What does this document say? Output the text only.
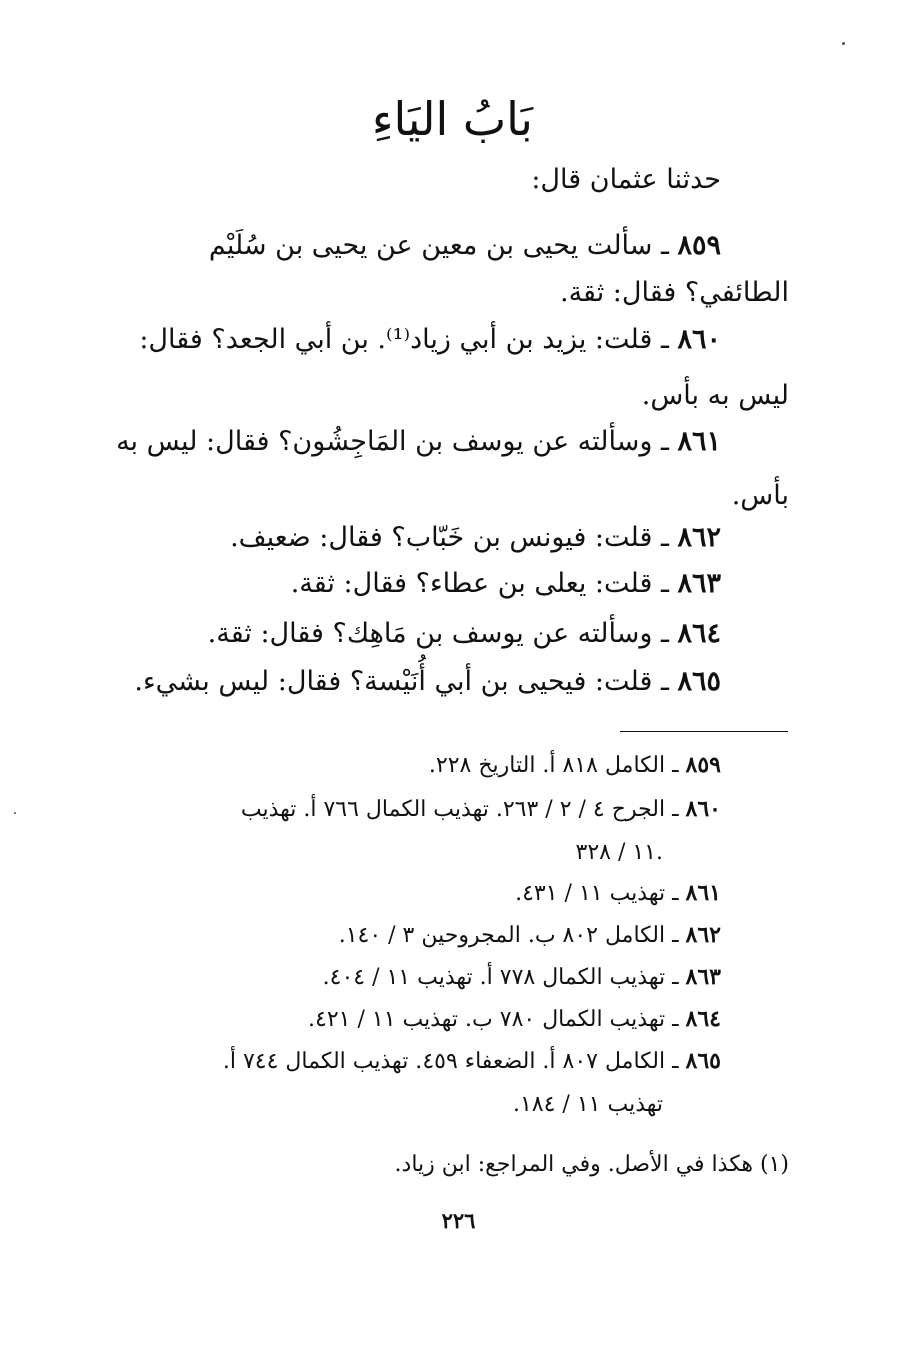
بَابُ اليَاءِ
حدثنا عثمان قال:
٨٥٩ ـ سألت يحيى بن معين عن يحيى بن سُلَيْم
الطائفي؟ فقال: ثقة.
٨٦٠ ـ قلت: يزيد بن أبي زياد⁽¹⁾. بن أبي الجعد؟ فقال:
ليس به بأس.
٨٦١ ـ وسألته عن يوسف بن المَاجِشُون؟ فقال: ليس به
بأس.
٨٦٢ ـ قلت: فيونس بن خَبّاب؟ فقال: ضعيف.
٨٦٣ ـ قلت: يعلى بن عطاء؟ فقال: ثقة.
٨٦٤ ـ وسألته عن يوسف بن مَاهِك؟ فقال: ثقة.
٨٦٥ ـ قلت: فيحيى بن أبي أُنَيْسة؟ فقال: ليس بشيء.
٨٥٩ ـ الكامل ٨١٨ أ. التاريخ ٢٢٨.
٨٦٠ ـ الجرح ٤ / ٢ / ٢٦٣. تهذيب الكمال ٧٦٦ أ. تهذيب
١١ / ٣٢٨.
٨٦١ ـ تهذيب ١١ / ٤٣١.
٨٦٢ ـ الكامل ٨٠٢ ب. المجروحين ٣ / ١٤٠.
٨٦٣ ـ تهذيب الكمال ٧٧٨ أ. تهذيب ١١ / ٤٠٤.
٨٦٤ ـ تهذيب الكمال ٧٨٠ ب. تهذيب ١١ / ٤٢١.
٨٦٥ ـ الكامل ٨٠٧ أ. الضعفاء ٤٥٩. تهذيب الكمال ٧٤٤ أ.
تهذيب ١١ / ١٨٤.
(١) هكذا في الأصل. وفي المراجع: ابن زياد.
٢٢٦
